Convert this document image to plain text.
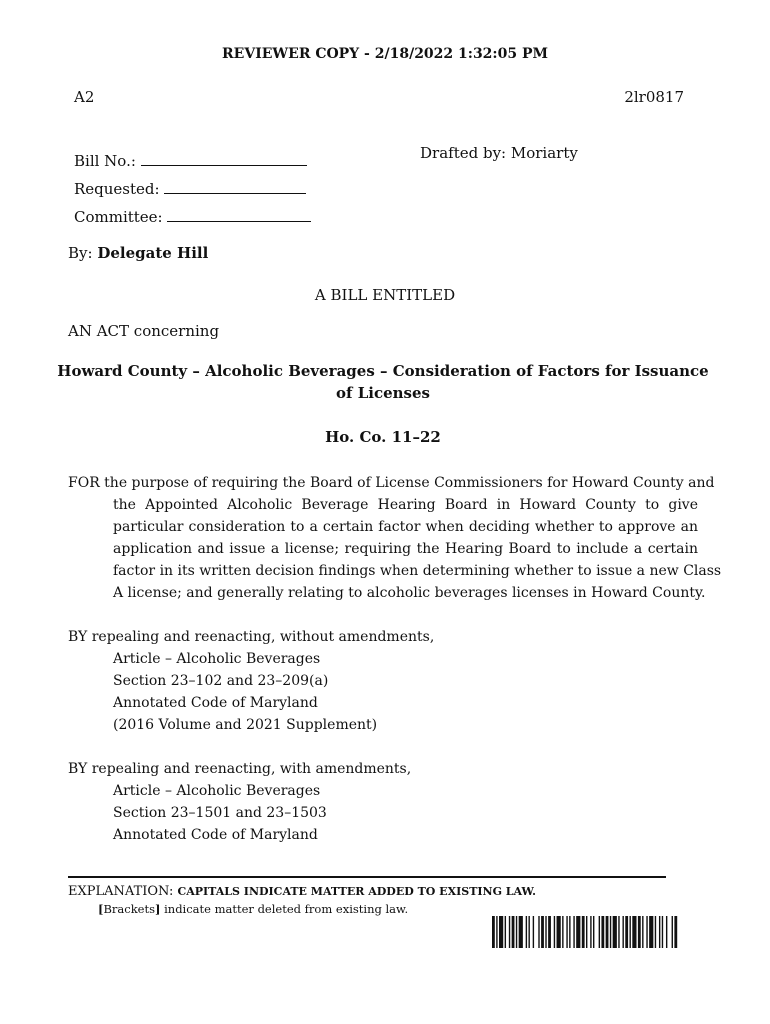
REVIEWER COPY - 2/18/2022 1:32:05 PM
A2	2lr0817
Bill No.:	Drafted by: Moriarty
Requested:
Committee:
By: Delegate Hill
A BILL ENTITLED
AN ACT concerning
Howard County – Alcoholic Beverages – Consideration of Factors for Issuance
of Licenses
Ho. Co. 11–22
FOR the purpose of requiring the Board of License Commissioners for Howard County and
the Appointed Alcoholic Beverage Hearing Board in Howard County to give
particular consideration to a certain factor when deciding whether to approve an
application and issue a license; requiring the Hearing Board to include a certain
factor in its written decision findings when determining whether to issue a new Class
A license; and generally relating to alcoholic beverages licenses in Howard County.
BY repealing and reenacting, without amendments,
Article – Alcoholic Beverages
Section 23–102 and 23–209(a)
Annotated Code of Maryland
(2016 Volume and 2021 Supplement)
BY repealing and reenacting, with amendments,
Article – Alcoholic Beverages
Section 23–1501 and 23–1503
Annotated Code of Maryland
EXPLANATION: CAPITALS INDICATE MATTER ADDED TO EXISTING LAW.
[Brackets] indicate matter deleted from existing law.
